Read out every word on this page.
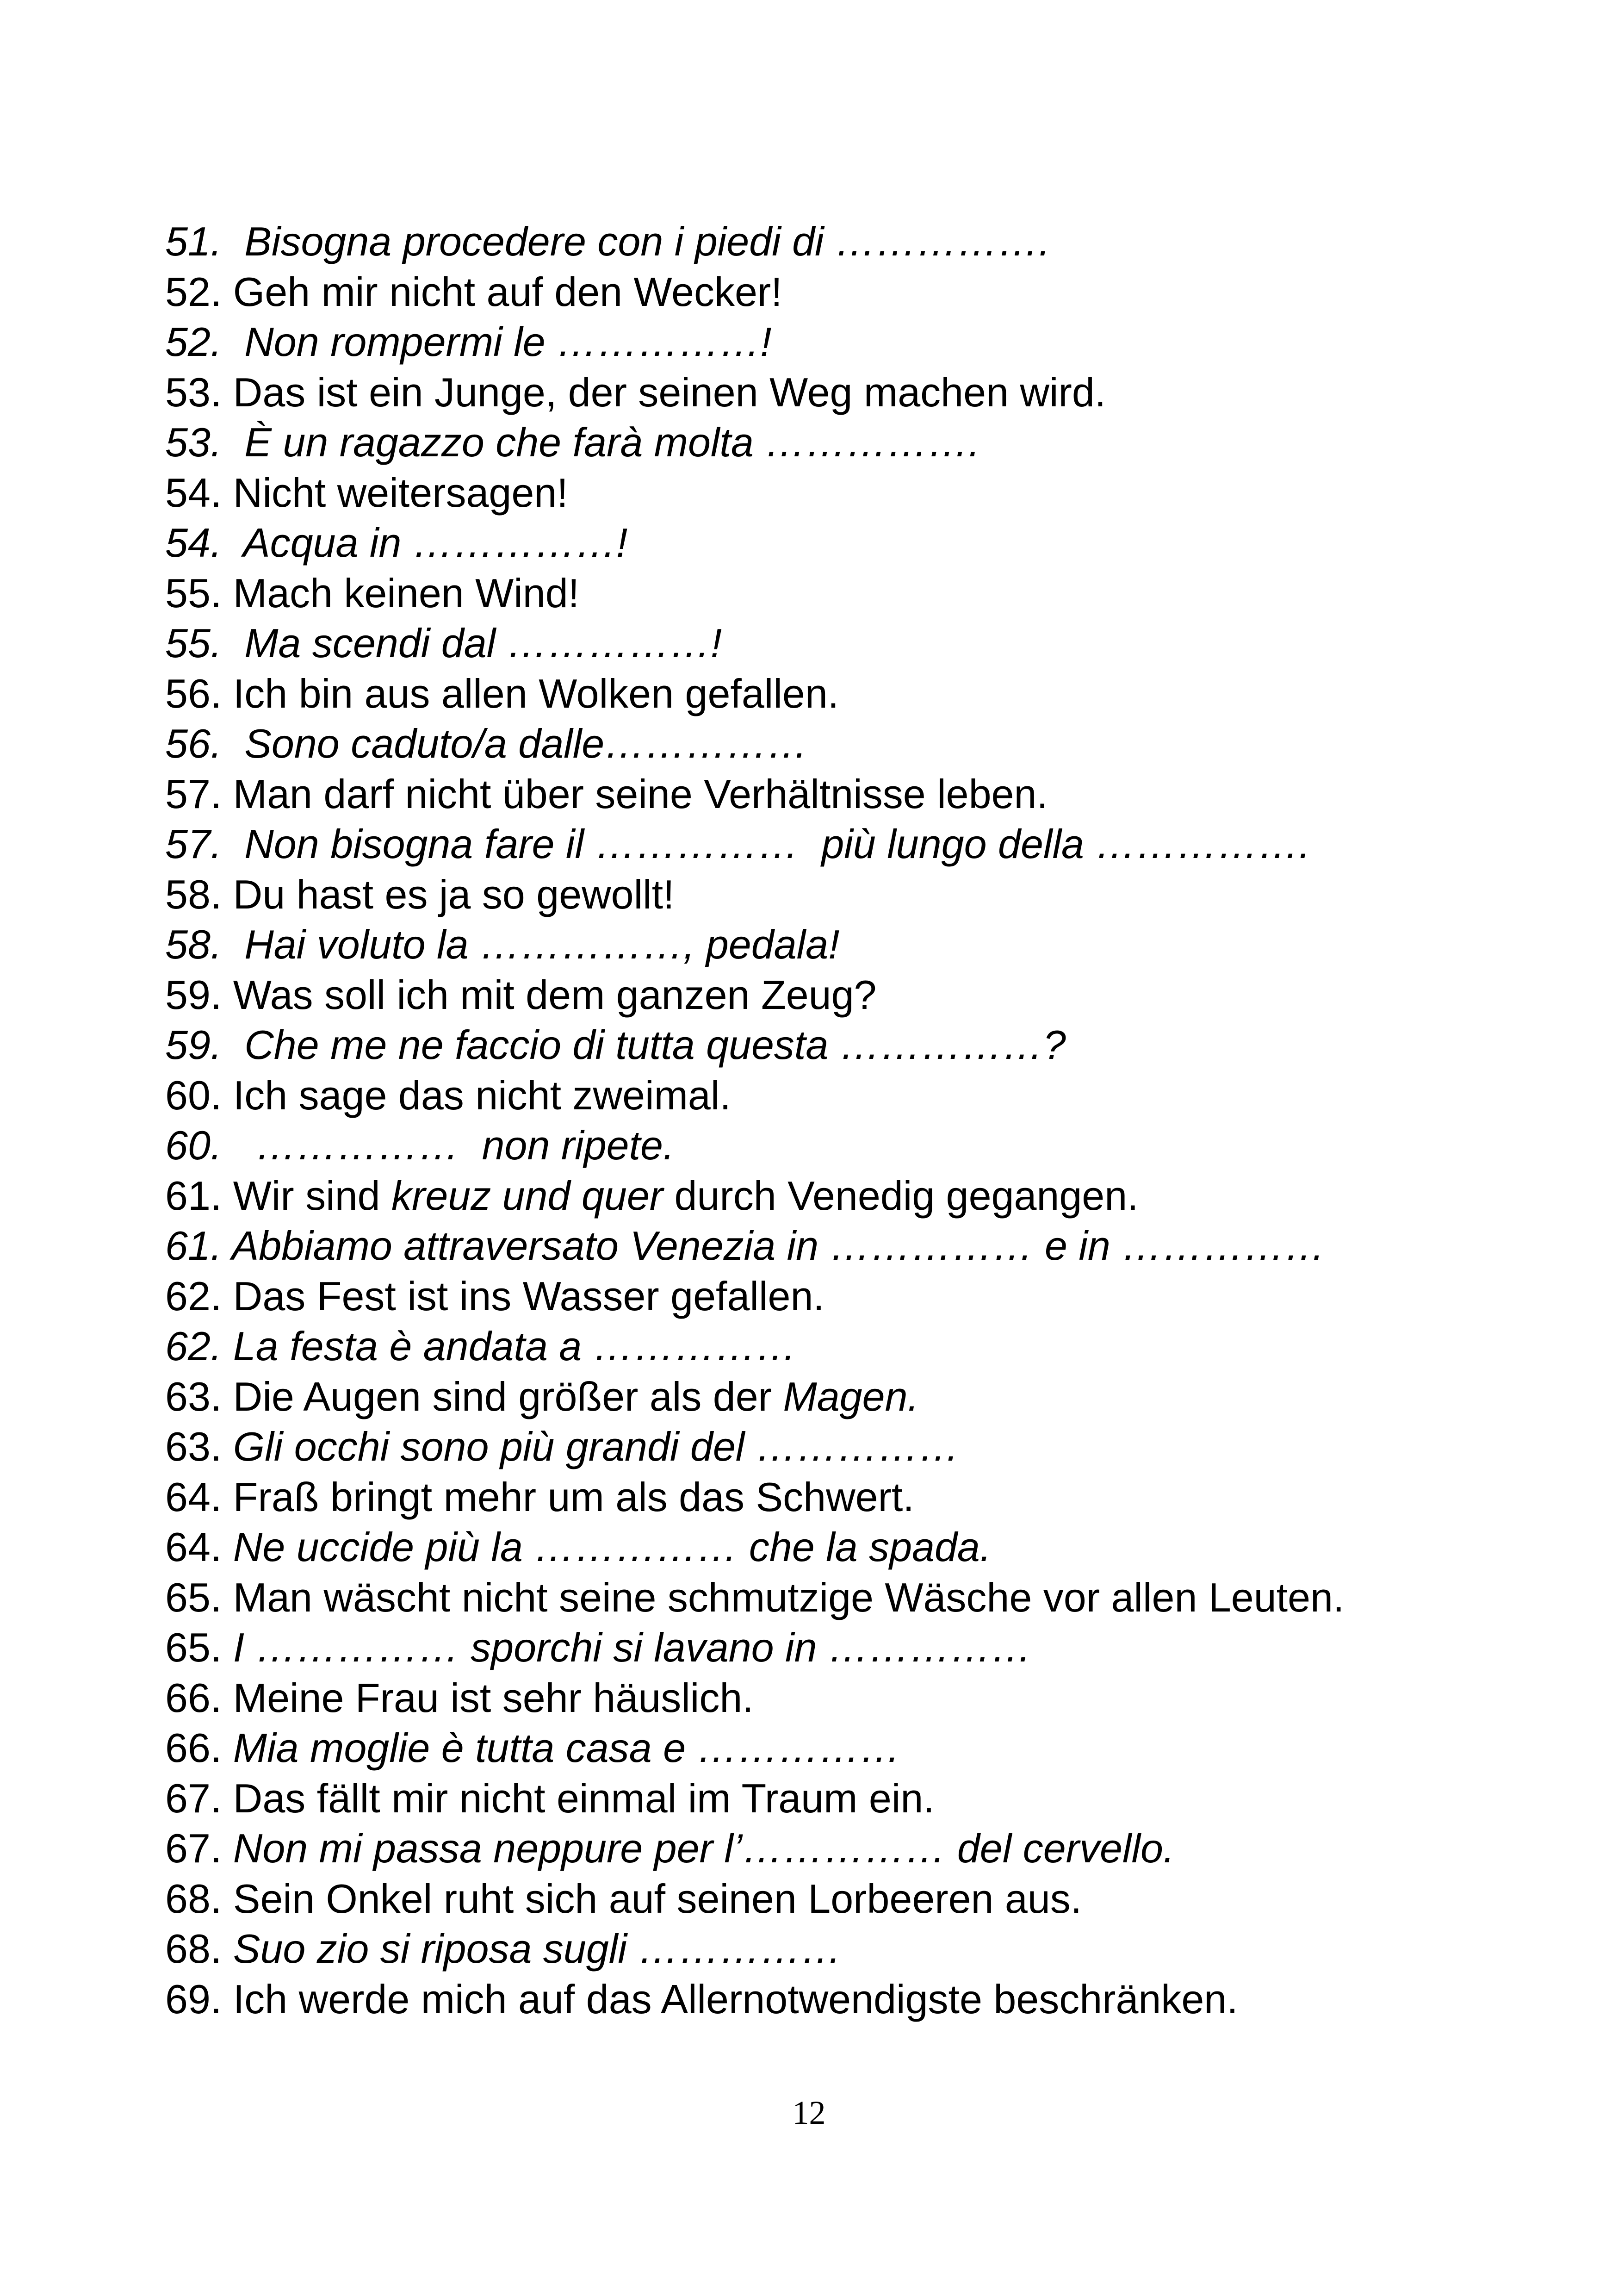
51.  Bisogna procedere con i piedi di …………….
52. Geh mir nicht auf den Wecker!
52.  Non rompermi le ……………!
53. Das ist ein Junge, der seinen Weg machen wird.
53.  È un ragazzo che farà molta …………….
54. Nicht weitersagen!
54.  Acqua in ……………!
55. Mach keinen Wind!
55.  Ma scendi dal ……………!
56. Ich bin aus allen Wolken gefallen.
56.  Sono caduto/a dalle……………
57. Man darf nicht über seine Verhältnisse leben.
57.  Non bisogna fare il ……………  più lungo della …………….
58. Du hast es ja so gewollt!
58.  Hai voluto la ……………, pedala!
59. Was soll ich mit dem ganzen Zeug?
59.  Che me ne faccio di tutta questa ……………?
60. Ich sage das nicht zweimal.
60.   ……………  non ripete.
61. Wir sind kreuz und quer durch Venedig gegangen.
61. Abbiamo attraversato Venezia in …………… e in ……………
62. Das Fest ist ins Wasser gefallen.
62. La festa è andata a ……………
63. Die Augen sind größer als der Magen.
63. Gli occhi sono più grandi del ……………
64. Fraß bringt mehr um als das Schwert.
64. Ne uccide più la …………… che la spada.
65. Man wäscht nicht seine schmutzige Wäsche vor allen Leuten.
65. I …………… sporchi si lavano in ……………
66. Meine Frau ist sehr häuslich.
66. Mia moglie è tutta casa e ……………
67. Das fällt mir nicht einmal im Traum ein.
67. Non mi passa neppure per l’…………… del cervello.
68. Sein Onkel ruht sich auf seinen Lorbeeren aus.
68. Suo zio si riposa sugli ……………
69. Ich werde mich auf das Allernotwendigste beschränken.
12
